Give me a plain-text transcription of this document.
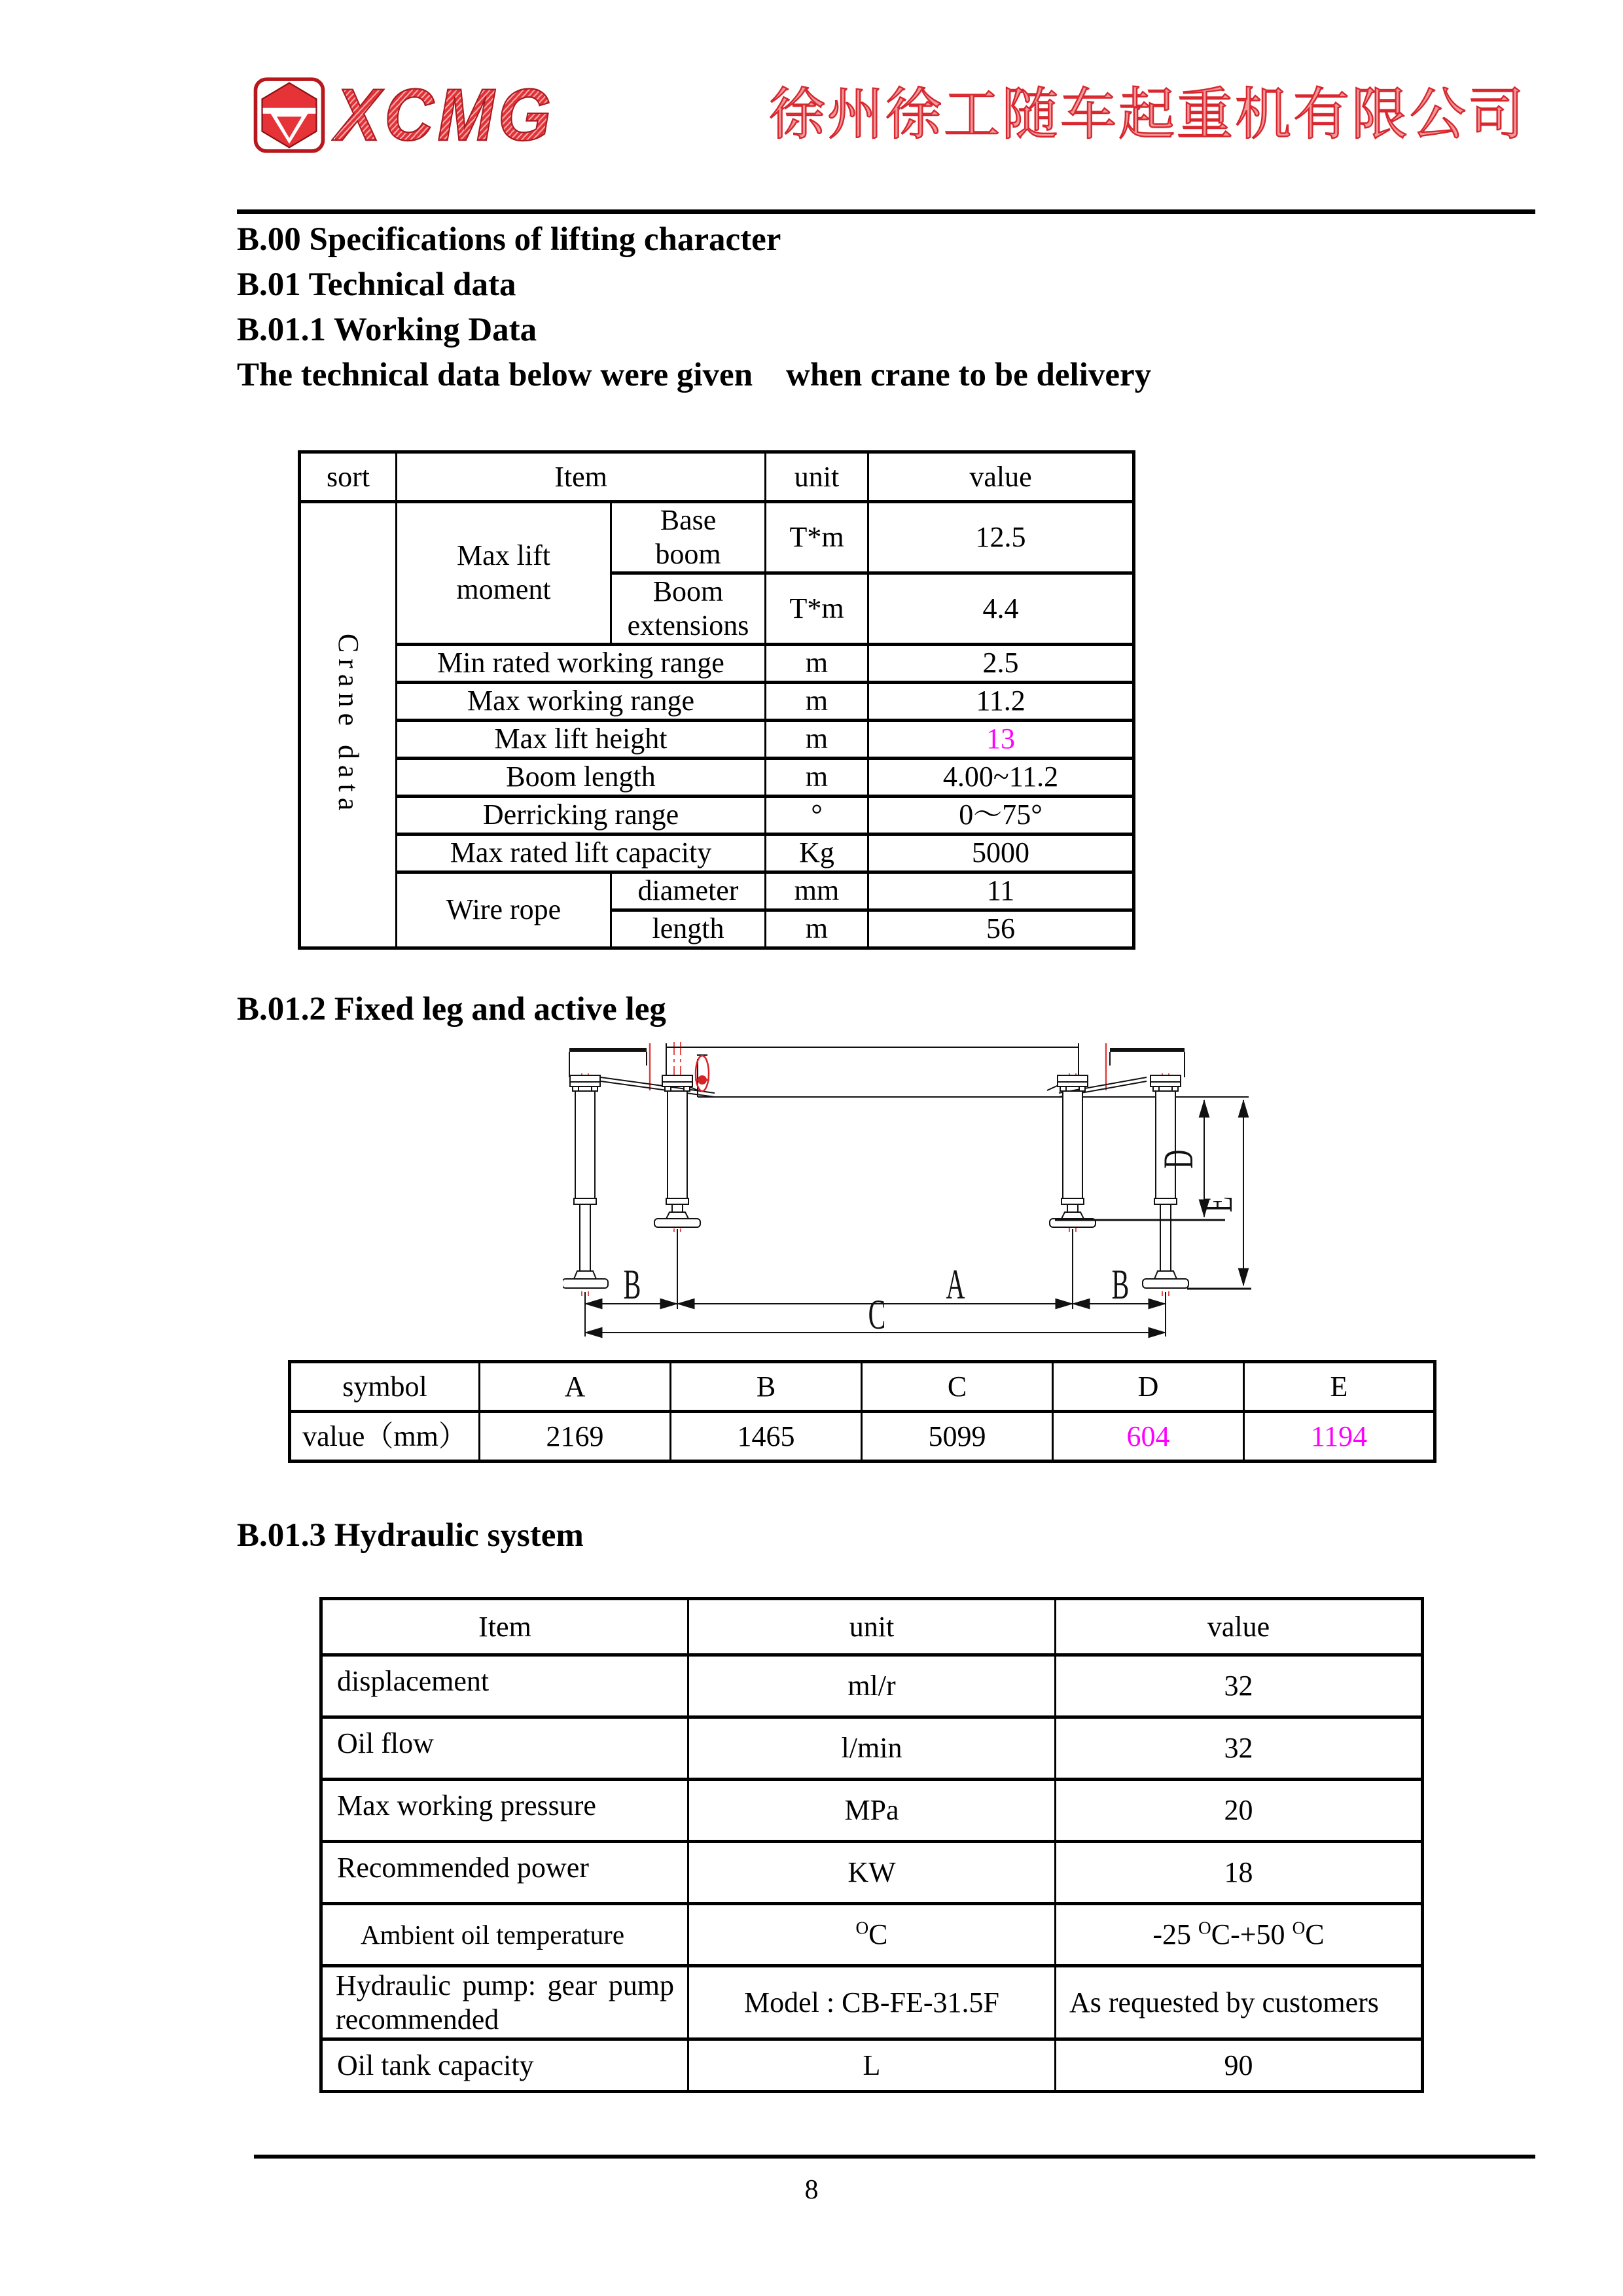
XCMG	徐州徐工随车起重机有限公司
B.00 Specifications of lifting character
B.01 Technical data
B.01.1 Working Data
The technical data below were given    when crane to be delivery
sort	Item		unit	value
Crane data	Max lift moment	Base boom	T*m	12.5

		Boom extensions	T*m	4.4
	Min rated working range		m	2.5
	Max working range		m	11.2
	Max lift height		m	13
	Boom length		m	4.00~11.2
	Derricking range		°	0～75°
	Max rated lift capacity		Kg	5000
	Wire rope	diameter	mm	11
		length	m	56
B.01.2 Fixed leg and active leg
B	A	B
C
D
E
symbol	A	B	C	D	E
value（mm）	2169	1465	5099	604	1194
B.01.3 Hydraulic system
Item	unit	value
displacement	ml/r	32
Oil flow	l/min	32
Max working pressure	MPa	20
Recommended power	KW	18
Ambient oil temperature	$^O$C	-25 $^O$C-+50 $^O$C
Hydraulic pump: gear pump recommended	Model : CB-FE-31.5F	As requested by customers
Oil tank capacity	L	90
8
